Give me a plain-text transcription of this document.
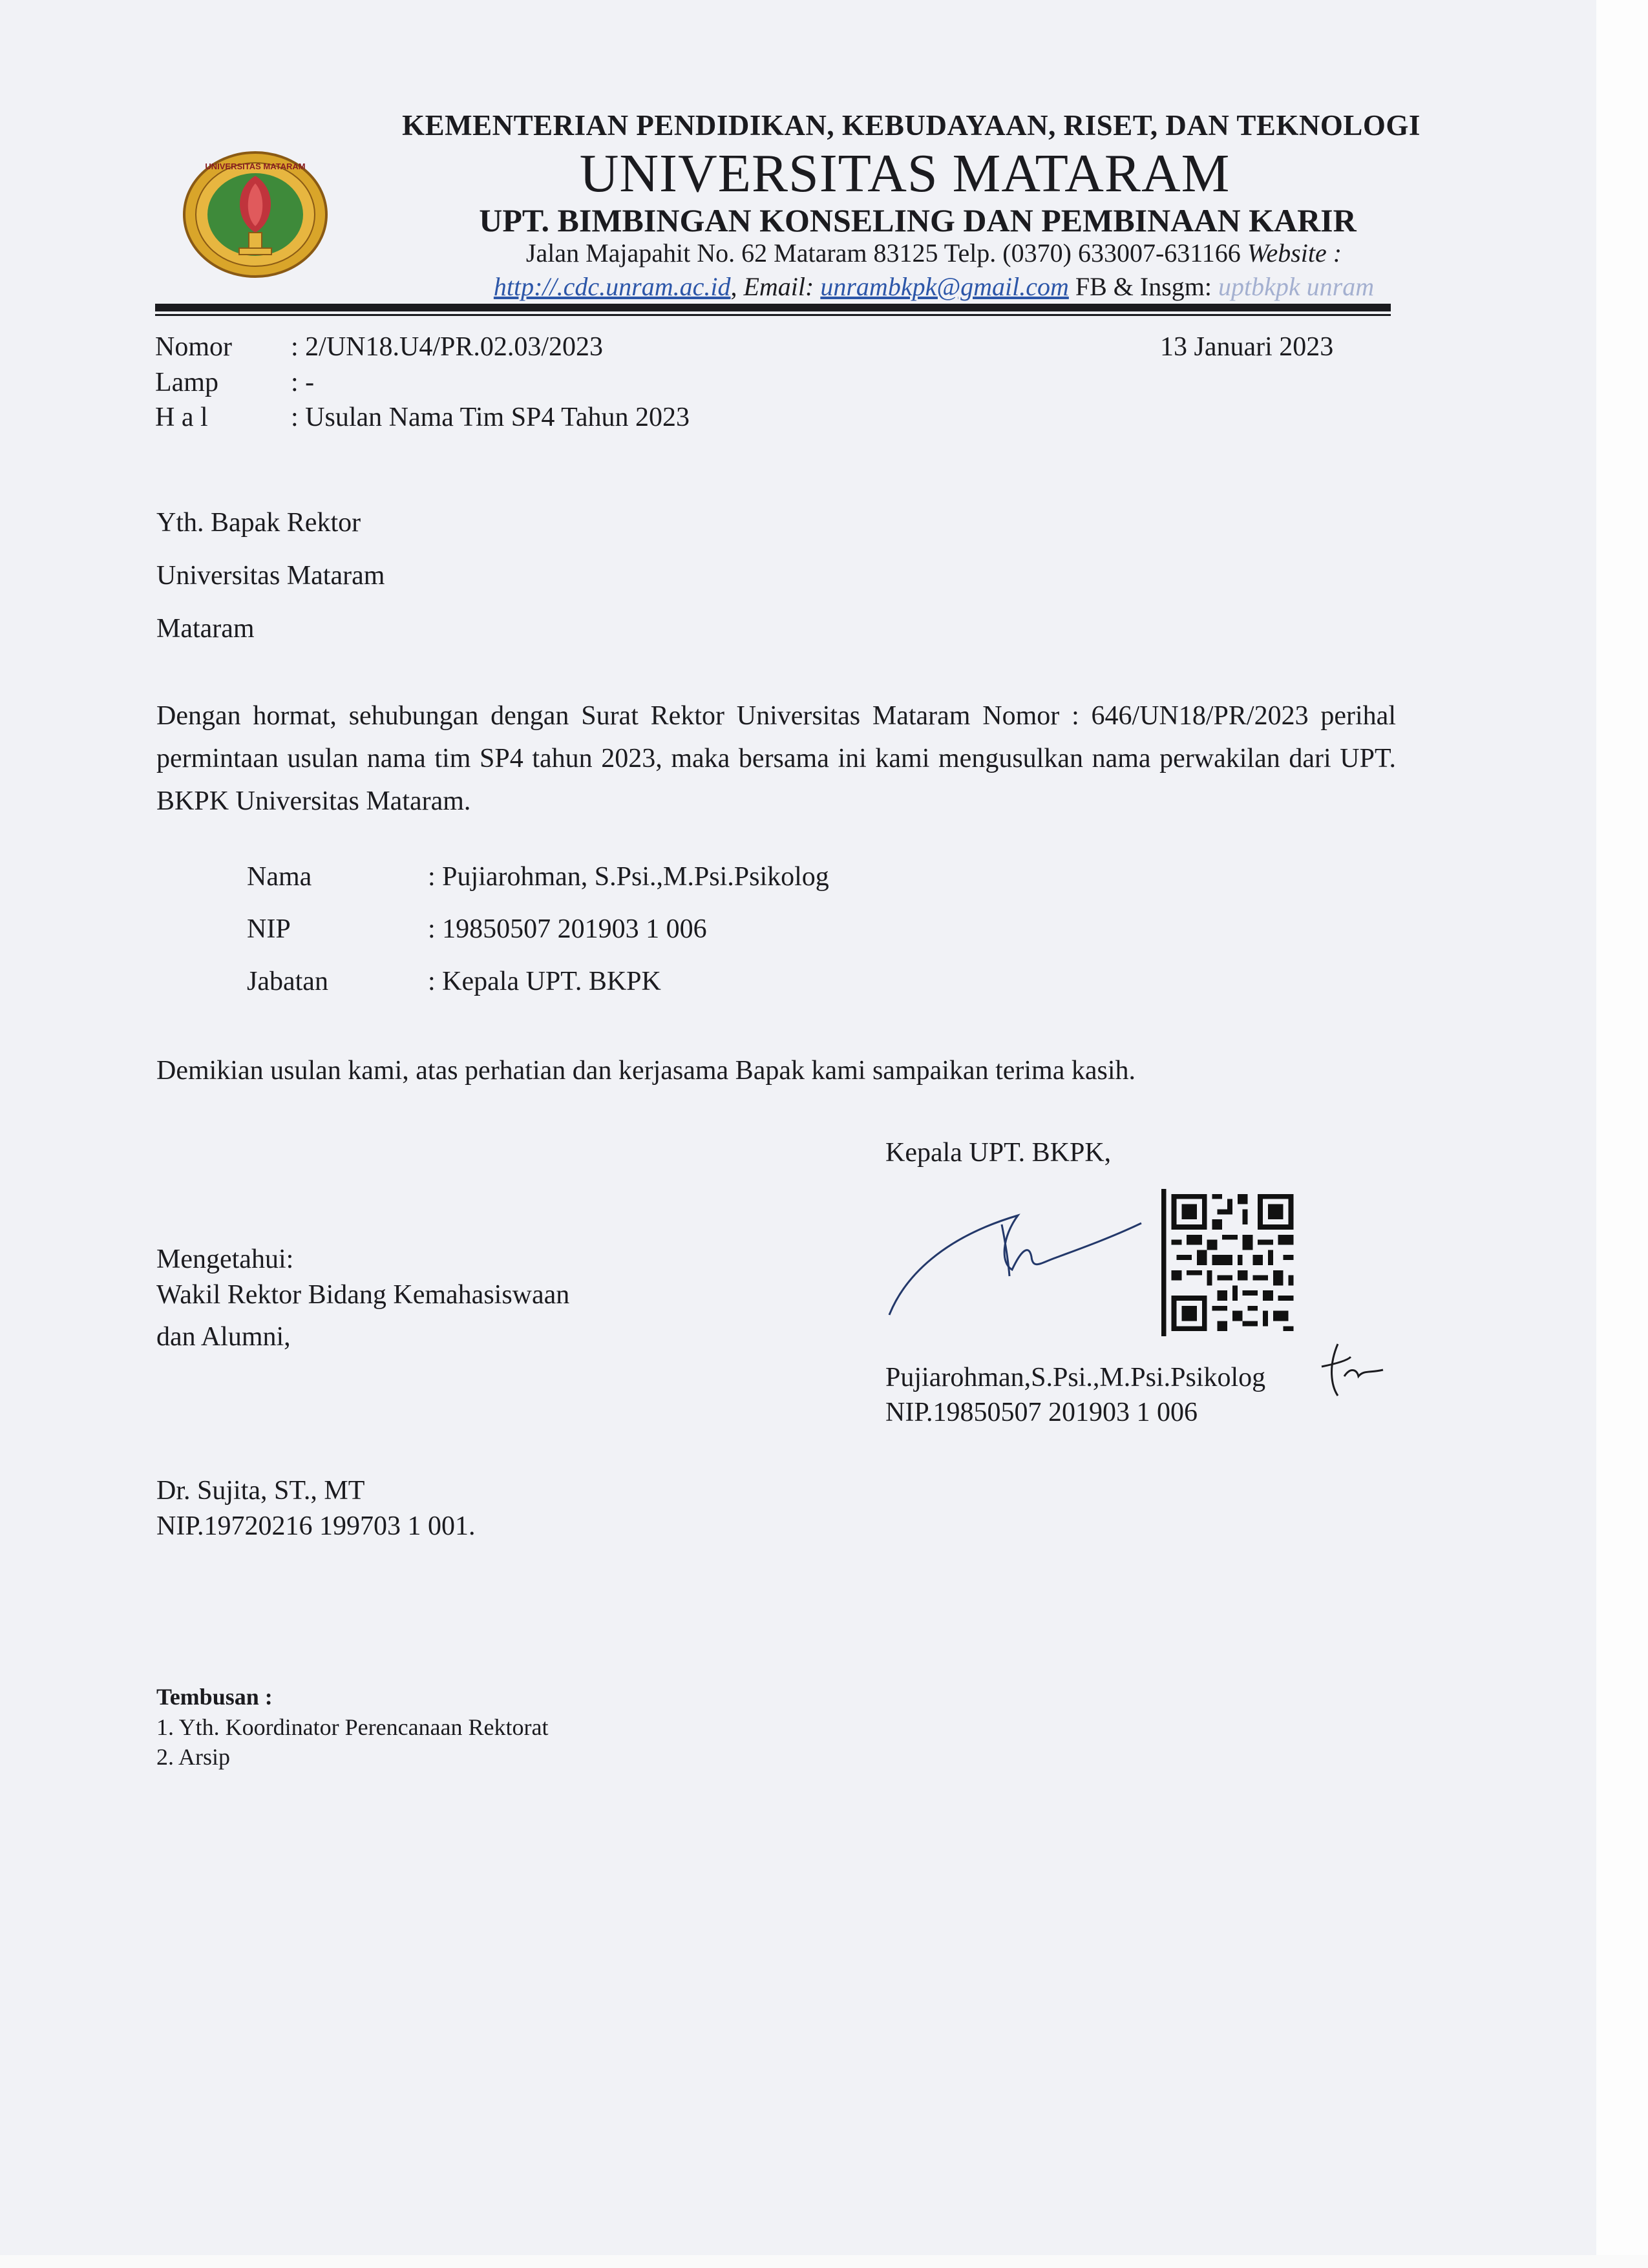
UNIVERSITAS MATARAM
KEMENTERIAN PENDIDIKAN, KEBUDAYAAN, RISET, DAN TEKNOLOGI
UNIVERSITAS MATARAM
UPT. BIMBINGAN KONSELING DAN PEMBINAAN KARIR
Jalan Majapahit No. 62 Mataram 83125 Telp. (0370) 633007-631166 Website :
http://.cdc.unram.ac.id, Email: unrambkpk@gmail.com FB & Insgm: uptbkpk unram
Nomor : 2/UN18.U4/PR.02.03/2023	13 Januari 2023
Lamp	: -
H a l	: Usulan Nama Tim SP4 Tahun 2023
Yth. Bapak Rektor
Universitas Mataram
Mataram
Dengan hormat, sehubungan dengan Surat Rektor Universitas Mataram Nomor : 646/UN18/PR/2023 perihal permintaan usulan nama tim SP4 tahun 2023, maka bersama ini kami mengusulkan nama perwakilan dari UPT. BKPK Universitas Mataram.
Nama	: Pujiarohman, S.Psi.,M.Psi.Psikolog
NIP	: 19850507 201903 1 006
Jabatan	: Kepala UPT. BKPK
Demikian usulan kami, atas perhatian dan kerjasama Bapak kami sampaikan terima kasih.
Kepala UPT. BKPK,
Pujiarohman,S.Psi.,M.Psi.Psikolog
NIP.19850507 201903 1 006
Mengetahui:
Wakil Rektor Bidang Kemahasiswaan
dan Alumni,
Dr. Sujita, ST., MT
NIP.19720216 199703 1 001.
Tembusan :
1. Yth. Koordinator Perencanaan Rektorat
2. Arsip
